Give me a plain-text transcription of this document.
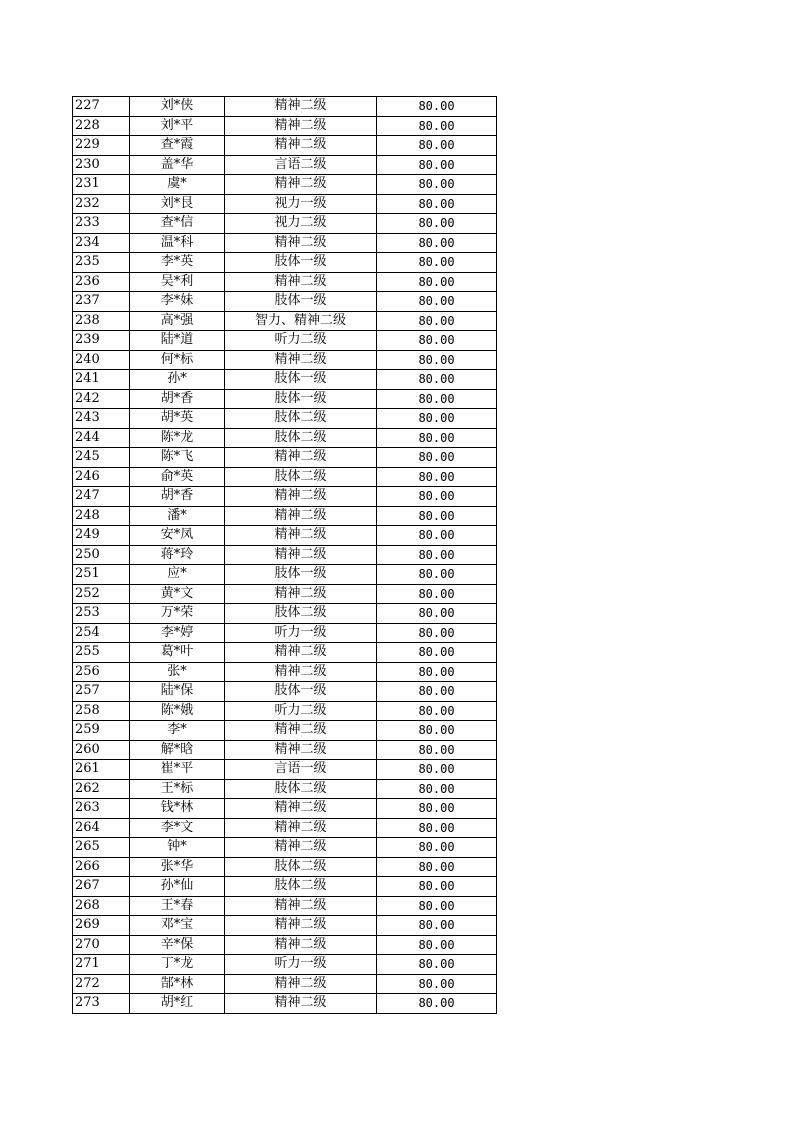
227	刘*侠	精神二级	80.00
228	刘*平	精神二级	80.00
229	查*霞	精神二级	80.00
230	盖*华	言语二级	80.00
231	虞*	精神二级	80.00
232	刘*艮	视力一级	80.00
233	查*信	视力二级	80.00
234	温*科	精神二级	80.00
235	李*英	肢体一级	80.00
236	吴*利	精神二级	80.00
237	李*妹	肢体一级	80.00
238	高*强	智力、精神二级	80.00
239	陆*道	听力二级	80.00
240	何*标	精神二级	80.00
241	孙*	肢体一级	80.00
242	胡*香	肢体一级	80.00
243	胡*英	肢体二级	80.00
244	陈*龙	肢体二级	80.00
245	陈*飞	精神二级	80.00
246	俞*英	肢体二级	80.00
247	胡*香	精神二级	80.00
248	潘*	精神二级	80.00
249	安*凤	精神二级	80.00
250	蒋*玲	精神二级	80.00
251	应*	肢体一级	80.00
252	黄*文	精神二级	80.00
253	万*荣	肢体二级	80.00
254	李*婷	听力一级	80.00
255	葛*叶	精神二级	80.00
256	张*	精神二级	80.00
257	陆*保	肢体一级	80.00
258	陈*娥	听力二级	80.00
259	李*	精神二级	80.00
260	解*晗	精神二级	80.00
261	崔*平	言语一级	80.00
262	王*标	肢体二级	80.00
263	钱*林	精神二级	80.00
264	李*文	精神二级	80.00
265	钟*	精神二级	80.00
266	张*华	肢体二级	80.00
267	孙*仙	肢体二级	80.00
268	王*春	精神二级	80.00
269	邓*宝	精神二级	80.00
270	辛*保	精神二级	80.00
271	丁*龙	听力一级	80.00
272	郜*林	精神二级	80.00
273	胡*红	精神二级	80.00
